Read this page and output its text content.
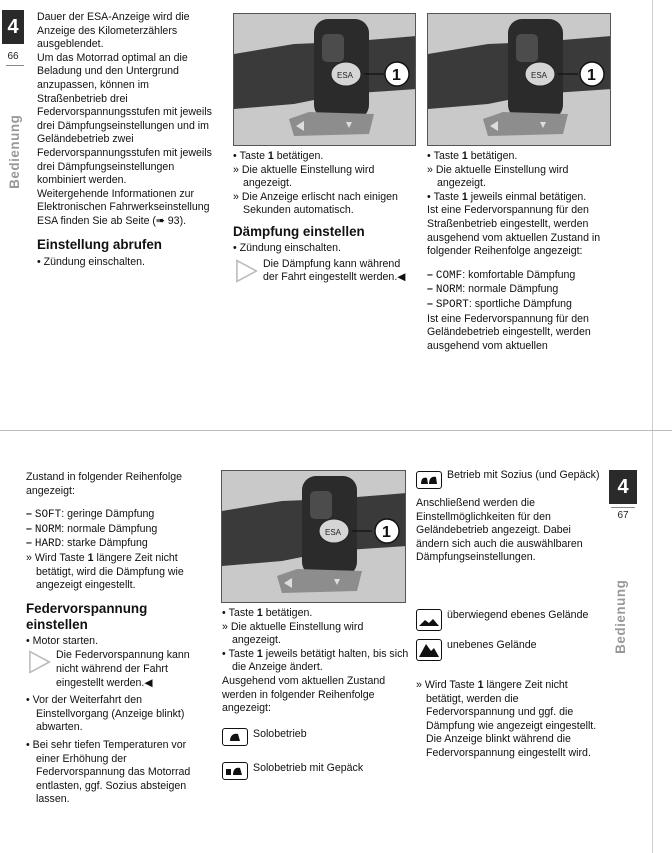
4
66
Bedienung

Dauer der ESA-Anzeige wird die Anzeige des Kilometerzählers ausgeblendet.

Um das Motorrad optimal an die Beladung und den Untergrund anzupassen, können im Straßenbetrieb drei Federvorspannungsstufen mit jeweils drei Dämpfungseinstellungen und im Geländebetrieb zwei Federvorspannungsstufen mit jeweils drei Dämpfungseinstellungen kombiniert werden.

Weitergehende Informationen zur Elektronischen Fahrwerkseinstellung ESA finden Sie ab Seite (➠ 93).

Einstellung abrufen

• Zündung einschalten.

ESA 1

• Taste 1 betätigen.

» Die aktuelle Einstellung wird angezeigt.

» Die Anzeige erlischt nach einigen Sekunden automatisch.

Dämpfung einstellen

• Zündung einschalten.

Die Dämpfung kann während der Fahrt eingestellt werden.◀

ESA 1

• Taste 1 betätigen.

» Die aktuelle Einstellung wird angezeigt.

• Taste 1 jeweils einmal betätigen.

Ist eine Federvorspannung für den Straßenbetrieb eingestellt, werden ausgehend vom aktuellen Zustand in folgender Reihenfolge angezeigt:

– COMF: komfortable Dämpfung

– NORM: normale Dämpfung

– SPORT: sportliche Dämpfung

Ist eine Federvorspannung für den Geländebetrieb eingestellt, werden ausgehend vom aktuellen

Zustand in folgender Reihenfolge angezeigt:

– SOFT: geringe Dämpfung

– NORM: normale Dämpfung

– HARD: starke Dämpfung

» Wird Taste 1 längere Zeit nicht betätigt, wird die Dämpfung wie angezeigt eingestellt.

Federvorspannung einstellen

• Motor starten.

Die Federvorspannung kann nicht während der Fahrt eingestellt werden.◀

• Vor der Weiterfahrt den Einstellvorgang (Anzeige blinkt) abwarten.

• Bei sehr tiefen Temperaturen vor einer Erhöhung der Federvorspannung das Motorrad entlasten, ggf. Sozius absteigen lassen.

ESA	1

• Taste 1 betätigen.

» Die aktuelle Einstellung wird angezeigt.

• Taste 1 jeweils betätigt halten, bis sich die Anzeige ändert.

Ausgehend vom aktuellen Zustand werden in folgender Reihenfolge angezeigt:

Solobetrieb
Solobetrieb mit Gepäck
Betrieb mit Sozius (und Gepäck)

Anschließend werden die Einstellmöglichkeiten für den Geländebetrieb angezeigt. Dabei ändern sich auch die auswählbaren Dämpfungseinstellungen.

überwiegend ebenes Gelände
unebenes Gelände

» Wird Taste 1 längere Zeit nicht betätigt, werden die Federvorspannung und ggf. die Dämpfung wie angezeigt eingestellt. Die Anzeige blinkt während die Federvorspannung eingestellt wird.

4
67
Bedienung
